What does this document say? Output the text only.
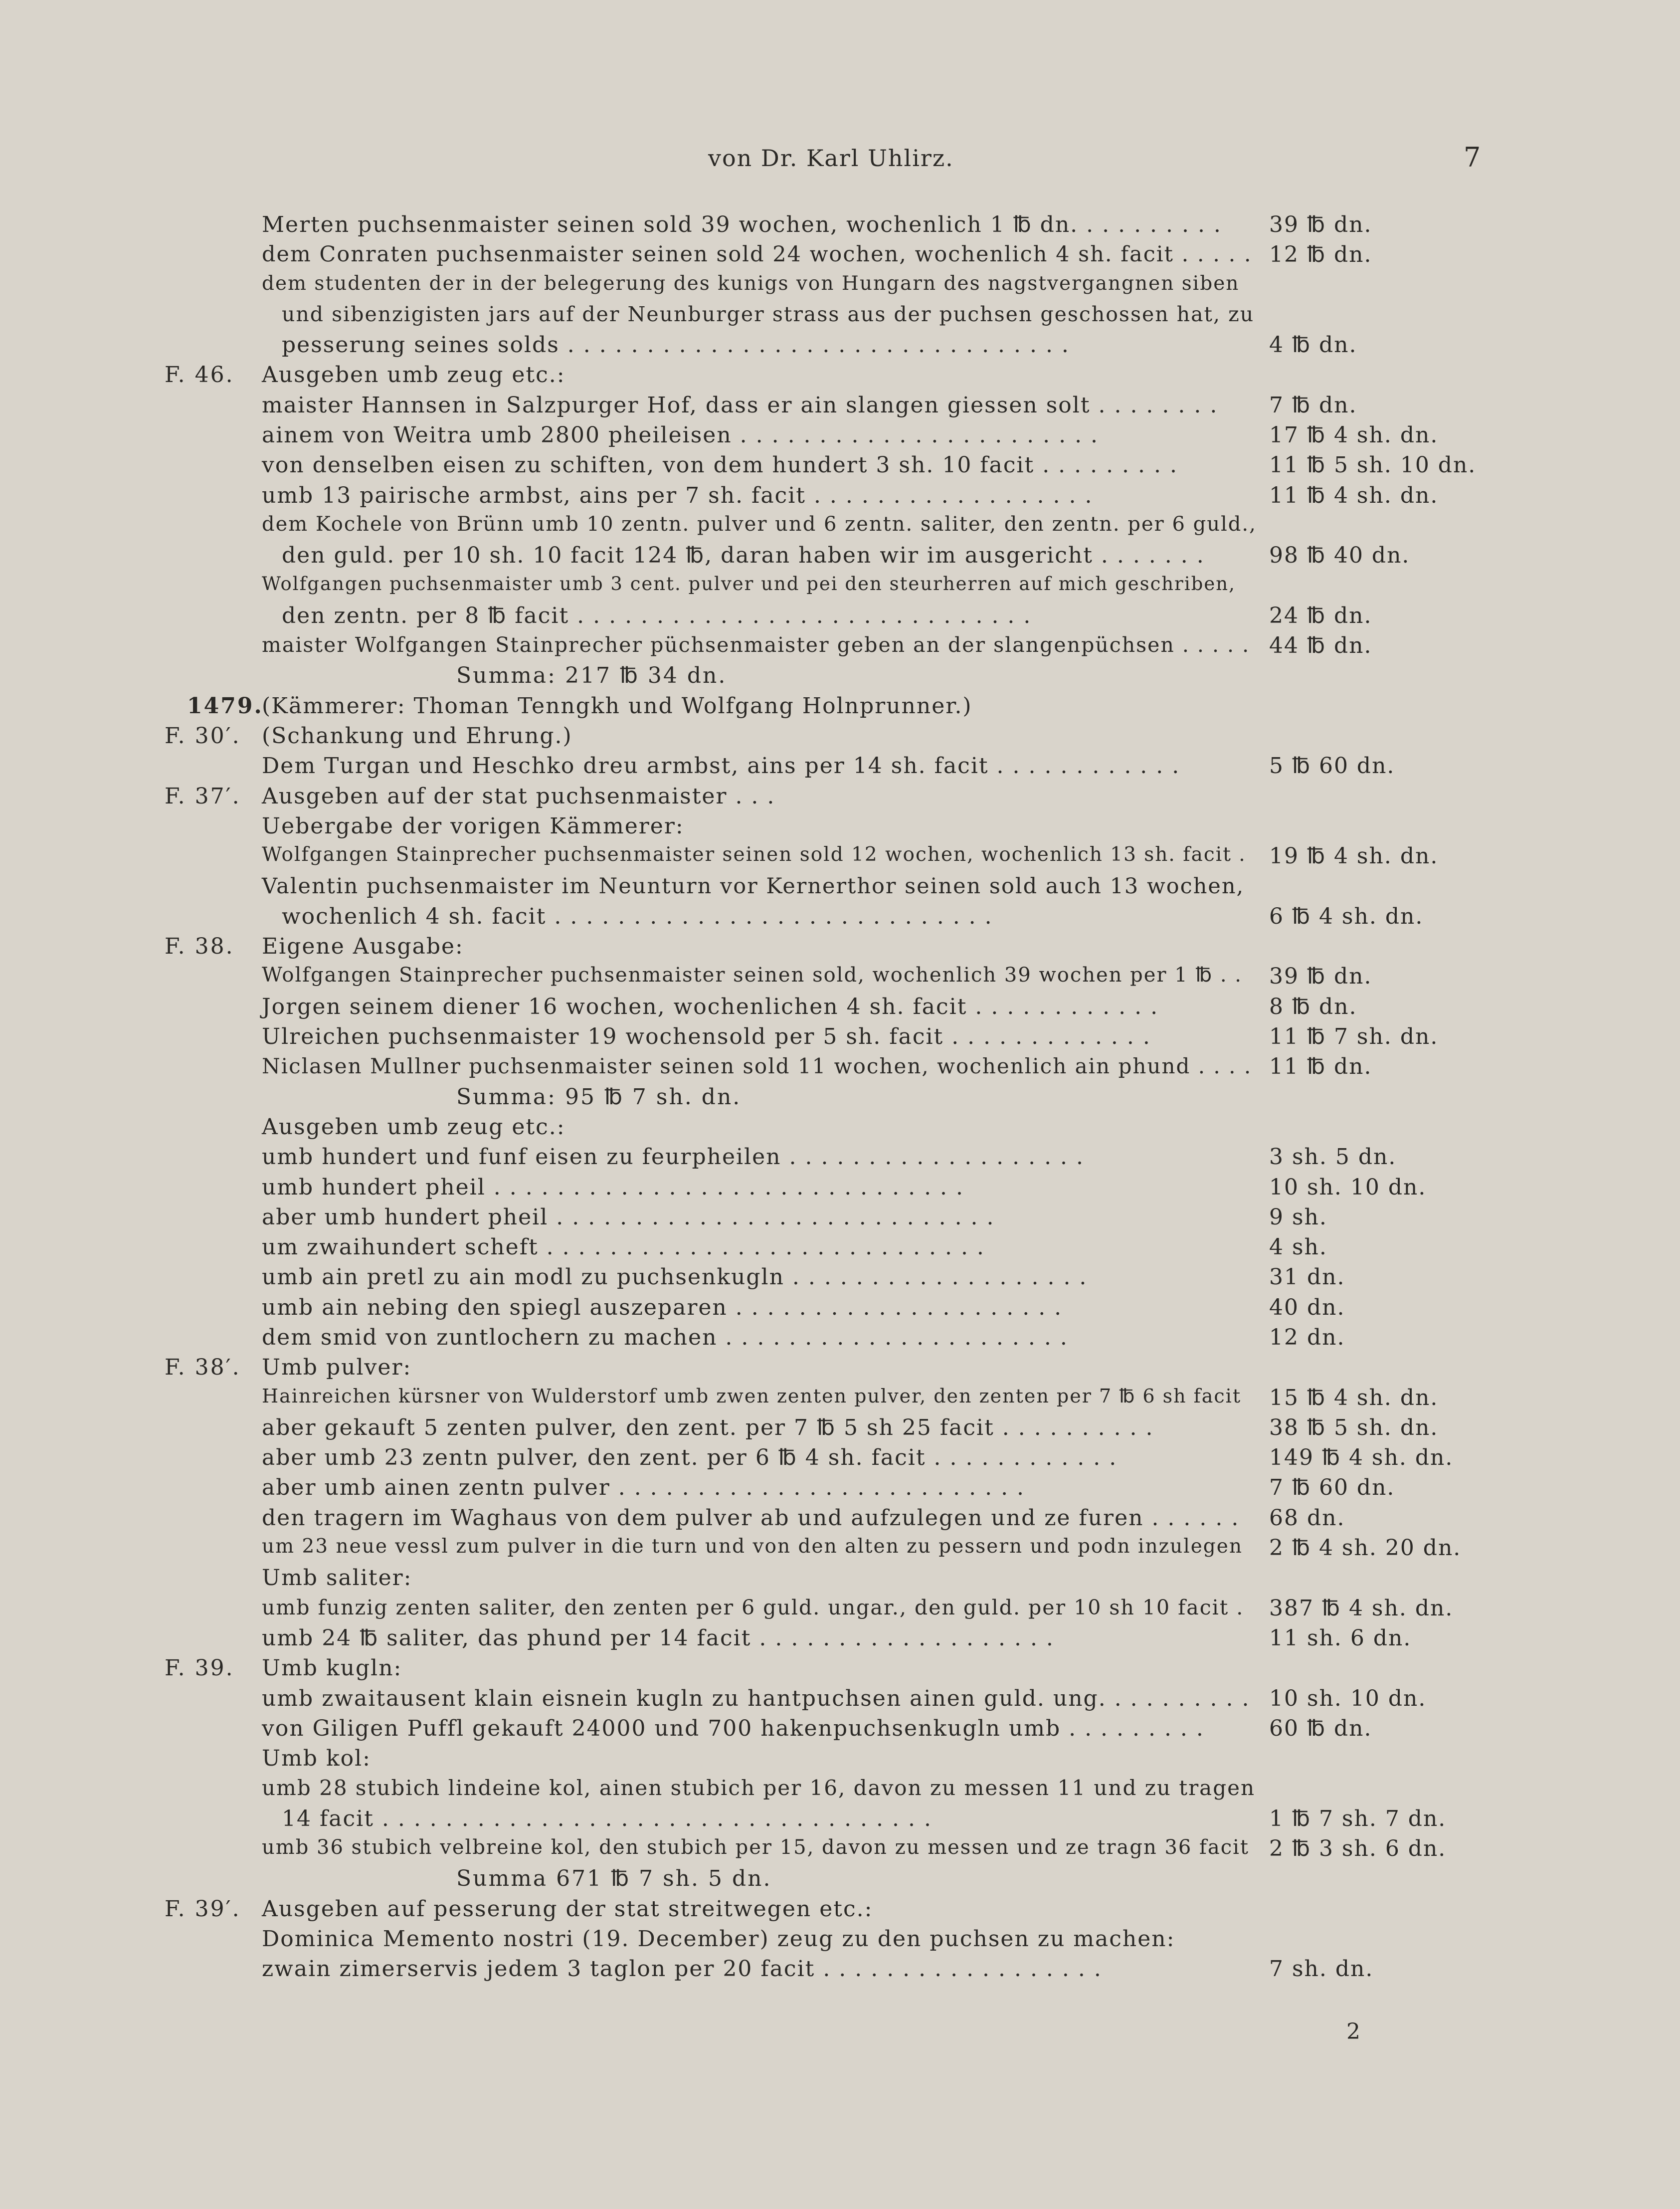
von Dr. Karl Uhlirz.	7
Merten puchsenmaister seinen sold 39 wochen, wochenlich 1 ℔ dn. . . . . . . . . . 39 ℔ dn.
dem Conraten puchsenmaister seinen sold 24 wochen, wochenlich 4 sh. facit . . . . . 12 ℔ dn.
dem studenten der in der belegerung des kunigs von Hungarn des nagstvergangnen siben
und sibenzigisten jars auf der Neunburger strass aus der puchsen geschossen hat, zu
pesserung seines solds . . . . . . . . . . . . . . . . . . . . . . . . . . . . . . . .	4 ℔ dn.
F. 46.	Ausgeben umb zeug etc.:
maister Hannsen in Salzpurger Hof, dass er ain slangen giessen solt . . . . . . . . 7 ℔ dn.
ainem von Weitra umb 2800 pheileisen . . . . . . . . . . . . . . . . . . . . . . .	17 ℔ 4 sh. dn.
von denselben eisen zu schiften, von dem hundert 3 sh. 10 facit . . . . . . . . .	11 ℔ 5 sh. 10 dn.
umb 13 pairische armbst, ains per 7 sh. facit . . . . . . . . . . . . . . . . . .	11 ℔ 4 sh. dn.
dem Kochele von Brünn umb 10 zentn. pulver und 6 zentn. saliter, den zentn. per 6 guld.,
den guld. per 10 sh. 10 facit 124 ℔, daran haben wir im ausgericht . . . . . . .	98 ℔ 40 dn.
Wolfgangen puchsenmaister umb 3 cent. pulver und pei den steurherren auf mich geschriben,
den zentn. per 8 ℔ facit . . . . . . . . . . . . . . . . . . . . . . . . . . . . .	24 ℔ dn.
maister Wolfgangen Stainprecher püchsenmaister geben an der slangenpüchsen . . . . . 44 ℔ dn.
Summa: 217 ℔ 34 dn.
1479.
(Kämmerer: Thoman Tenngkh und Wolfgang Holnprunner.)
F. 30′. (Schankung und Ehrung.)
Dem Turgan und Heschko dreu armbst, ains per 14 sh. facit . . . . . . . . . . . .	5 ℔ 60 dn.
F. 37′. Ausgeben auf der stat puchsenmaister . . .
Uebergabe der vorigen Kämmerer:
Wolfgangen Stainprecher puchsenmaister seinen sold 12 wochen, wochenlich 13 sh. facit . 19 ℔ 4 sh. dn.
Valentin puchsenmaister im Neunturn vor Kernerthor seinen sold auch 13 wochen,
wochenlich 4 sh. facit . . . . . . . . . . . . . . . . . . . . . . . . . . . .	6 ℔ 4 sh. dn.
F. 38.	Eigene Ausgabe:
Wolfgangen Stainprecher puchsenmaister seinen sold, wochenlich 39 wochen per 1 ℔ . . 39 ℔ dn.
Jorgen seinem diener 16 wochen, wochenlichen 4 sh. facit . . . . . . . . . . . .	8 ℔ dn.
Ulreichen puchsenmaister 19 wochensold per 5 sh. facit . . . . . . . . . . . . .	11 ℔ 7 sh. dn.
Niclasen Mullner puchsenmaister seinen sold 11 wochen, wochenlich ain phund . . . . 11 ℔ dn.
Summa: 95 ℔ 7 sh. dn.
Ausgeben umb zeug etc.:
umb hundert und funf eisen zu feurpheilen . . . . . . . . . . . . . . . . . . .	3 sh. 5 dn.
umb hundert pheil . . . . . . . . . . . . . . . . . . . . . . . . . . . . . .	10 sh. 10 dn.
aber umb hundert pheil . . . . . . . . . . . . . . . . . . . . . . . . . . . .	9 sh.
um zwaihundert scheft . . . . . . . . . . . . . . . . . . . . . . . . . . . .	4 sh.
umb ain pretl zu ain modl zu puchsenkugln . . . . . . . . . . . . . . . . . . .	31 dn.
umb ain nebing den spiegl auszeparen . . . . . . . . . . . . . . . . . . . . .	40 dn.
dem smid von zuntlochern zu machen . . . . . . . . . . . . . . . . . . . . . .	12 dn.
F. 38′. Umb pulver:
Hainreichen kürsner von Wulderstorf umb zwen zenten pulver, den zenten per 7 ℔ 6 sh facit 15 ℔ 4 sh. dn.
aber gekauft 5 zenten pulver, den zent. per 7 ℔ 5 sh 25 facit . . . . . . . . . .	38 ℔ 5 sh. dn.
aber umb 23 zentn pulver, den zent. per 6 ℔ 4 sh. facit . . . . . . . . . . . .	149 ℔ 4 sh. dn.
aber umb ainen zentn pulver . . . . . . . . . . . . . . . . . . . . . . . . . .	7 ℔ 60 dn.
den tragern im Waghaus von dem pulver ab und aufzulegen und ze furen . . . . . . 68 dn.
um 23 neue vessl zum pulver in die turn und von den alten zu pessern und podn inzulegen 2 ℔ 4 sh. 20 dn.
Umb saliter:
umb funzig zenten saliter, den zenten per 6 guld. ungar., den guld. per 10 sh 10 facit . 387 ℔ 4 sh. dn.
umb 24 ℔ saliter, das phund per 14 facit . . . . . . . . . . . . . . . . . . .	11 sh. 6 dn.
F. 39.	Umb kugln:
umb zwaitausent klain eisnein kugln zu hantpuchsen ainen guld. ung. . . . . . . . . . 10 sh. 10 dn.
von Giligen Puffl gekauft 24000 und 700 hakenpuchsenkugln umb . . . . . . . . .	60 ℔ dn.
Umb kol:
umb 28 stubich lindeine kol, ainen stubich per 16, davon zu messen 11 und zu tragen
14 facit . . . . . . . . . . . . . . . . . . . . . . . . . . . . . . . . . . .	1 ℔ 7 sh. 7 dn.
umb 36 stubich velbreine kol, den stubich per 15, davon zu messen und ze tragn 36 facit 2 ℔ 3 sh. 6 dn.
Summa 671 ℔ 7 sh. 5 dn.
F. 39′. Ausgeben auf pesserung der stat streitwegen etc.:
Dominica Memento nostri (19. December) zeug zu den puchsen zu machen:
zwain zimerservis jedem 3 taglon per 20 facit . . . . . . . . . . . . . . . . . .	7 sh. dn.
2
